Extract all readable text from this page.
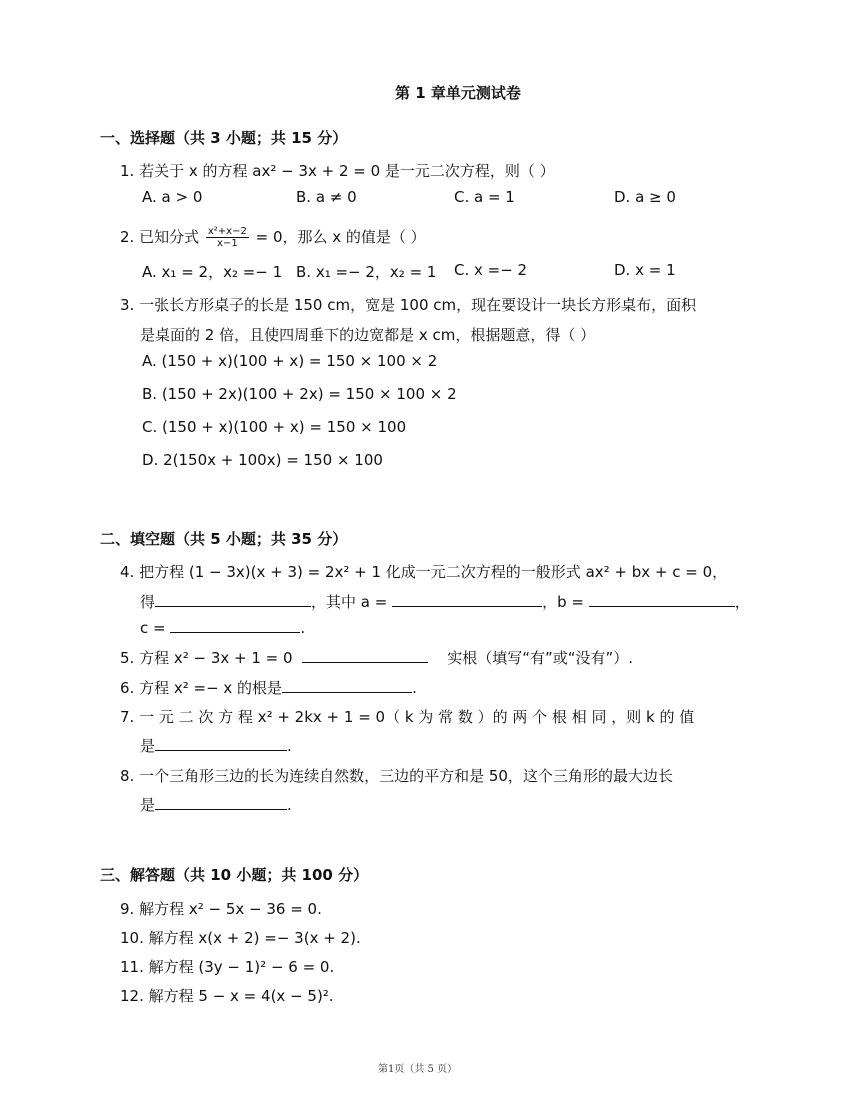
第 1 章单元测试卷
一、选择题（共 3 小题；共 15 分）
1. 若关于 x 的方程 ax² − 3x + 2 = 0 是一元二次方程，则（ ）
A. a > 0	B. a ≠ 0	C. a = 1	D. a ≥ 0
2. 已知分式 $\frac{\text{x²+x−2}}{x-1} = 0$，那么 x 的值是（ ）
A. x₁ = 2，x₂ =− 1 B. x₁ =− 2，x₂ = 1 C. x =− 2	D. x = 1
3. 一张长方形桌子的长是 150 cm，宽是 100 cm，现在要设计一块长方形桌布，面积
是桌面的 2 倍，且使四周垂下的边宽都是 x cm，根据题意，得（ ）
A. (150 + x)(100 + x) = 150 × 100 × 2
B. (150 + 2x)(100 + 2x) = 150 × 100 × 2
C. (150 + x)(100 + x) = 150 × 100
D. 2(150x + 100x) = 150 × 100
二、填空题（共 5 小题；共 35 分）
4. 把方程 (1 − 3x)(x + 3) = 2x² + 1 化成一元二次方程的一般形式 ax² + bx + c = 0，
得	，其中 a =	，b =	，
c =	.
5. 方程 x² − 3x + 1 = 0	实根（填写“有”或“没有”）.
6. 方程 x² =− x 的根是	.
7. 一 元 二 次 方 程 x² + 2kx + 1 = 0（ k 为 常 数 ）的 两 个 根 相 同 ，则 k 的 值
是	.
8. 一个三角形三边的长为连续自然数，三边的平方和是 50，这个三角形的最大边长
是	.
三、解答题（共 10 小题；共 100 分）
9. 解方程 x² − 5x − 36 = 0.
10. 解方程 x(x + 2) =− 3(x + 2).
11. 解方程 (3y − 1)² − 6 = 0.
12. 解方程 5 − x = 4(x − 5)².
第1页（共 5 页）
